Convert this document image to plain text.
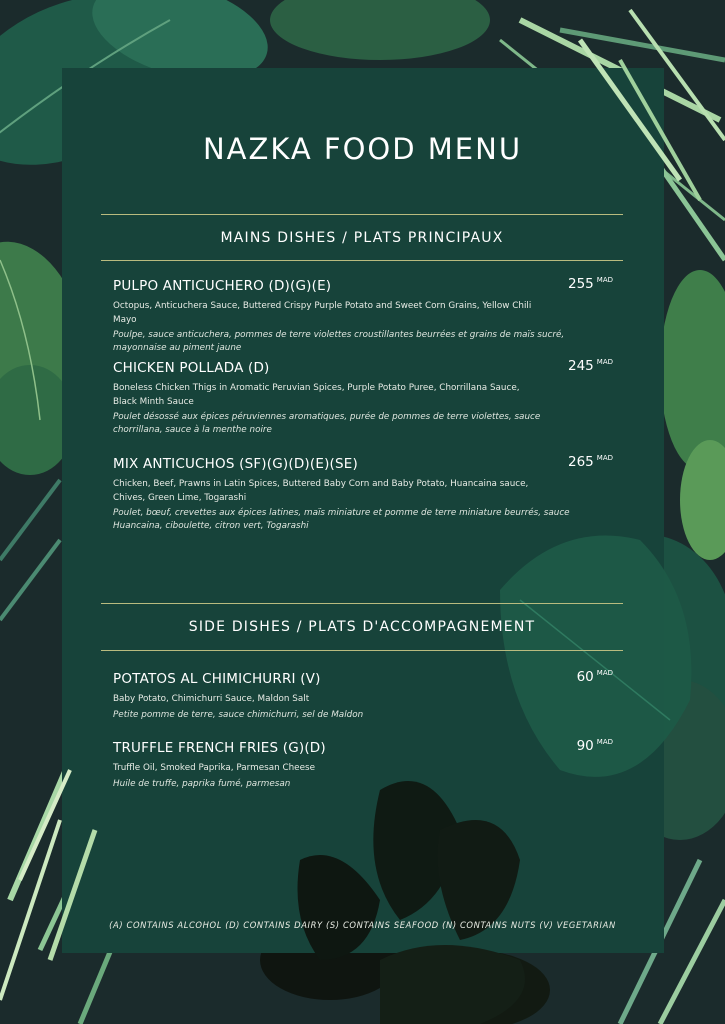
NAZKA FOOD MENU
MAINS DISHES / PLATS PRINCIPAUX
PULPO ANTICUCHERO (D)(G)(E)	255 $^{MAD}$
Octopus, Anticuchera Sauce, Buttered Crispy Purple Potato and Sweet Corn Grains, Yellow Chili Mayo
Poulpe, sauce anticuchera, pommes de terre violettes croustillantes beurrées et grains de maïs sucré, mayonnaise au piment jaune
CHICKEN POLLADA (D)	245 $^{MAD}$
Boneless Chicken Thigs in Aromatic Peruvian Spices, Purple Potato Puree, Chorrillana Sauce, Black Minth Sauce
Poulet désossé aux épices péruviennes aromatiques, purée de pommes de terre violettes, sauce chorrillana, sauce à la menthe noire
MIX ANTICUCHOS (SF)(G)(D)(E)(SE)	265 $^{MAD}$
Chicken, Beef, Prawns in Latin Spices, Buttered Baby Corn and Baby Potato, Huancaina sauce, Chives, Green Lime, Togarashi
Poulet, bœuf, crevettes aux épices latines, maïs miniature et pomme de terre miniature beurrés, sauce Huancaina, ciboulette, citron vert, Togarashi
SIDE DISHES / PLATS D'ACCOMPAGNEMENT
POTATOS AL CHIMICHURRI (V)	60 $^{MAD}$
Baby Potato, Chimichurri Sauce, Maldon Salt
Petite pomme de terre, sauce chimichurri, sel de Maldon
TRUFFLE FRENCH FRIES (G)(D)	90 $^{MAD}$
Truffle Oil, Smoked Paprika, Parmesan Cheese
Huile de truffe, paprika fumé, parmesan
(A) CONTAINS ALCOHOL (D) CONTAINS DAIRY (S) CONTAINS SEAFOOD (N) CONTAINS NUTS (V) VEGETARIAN
